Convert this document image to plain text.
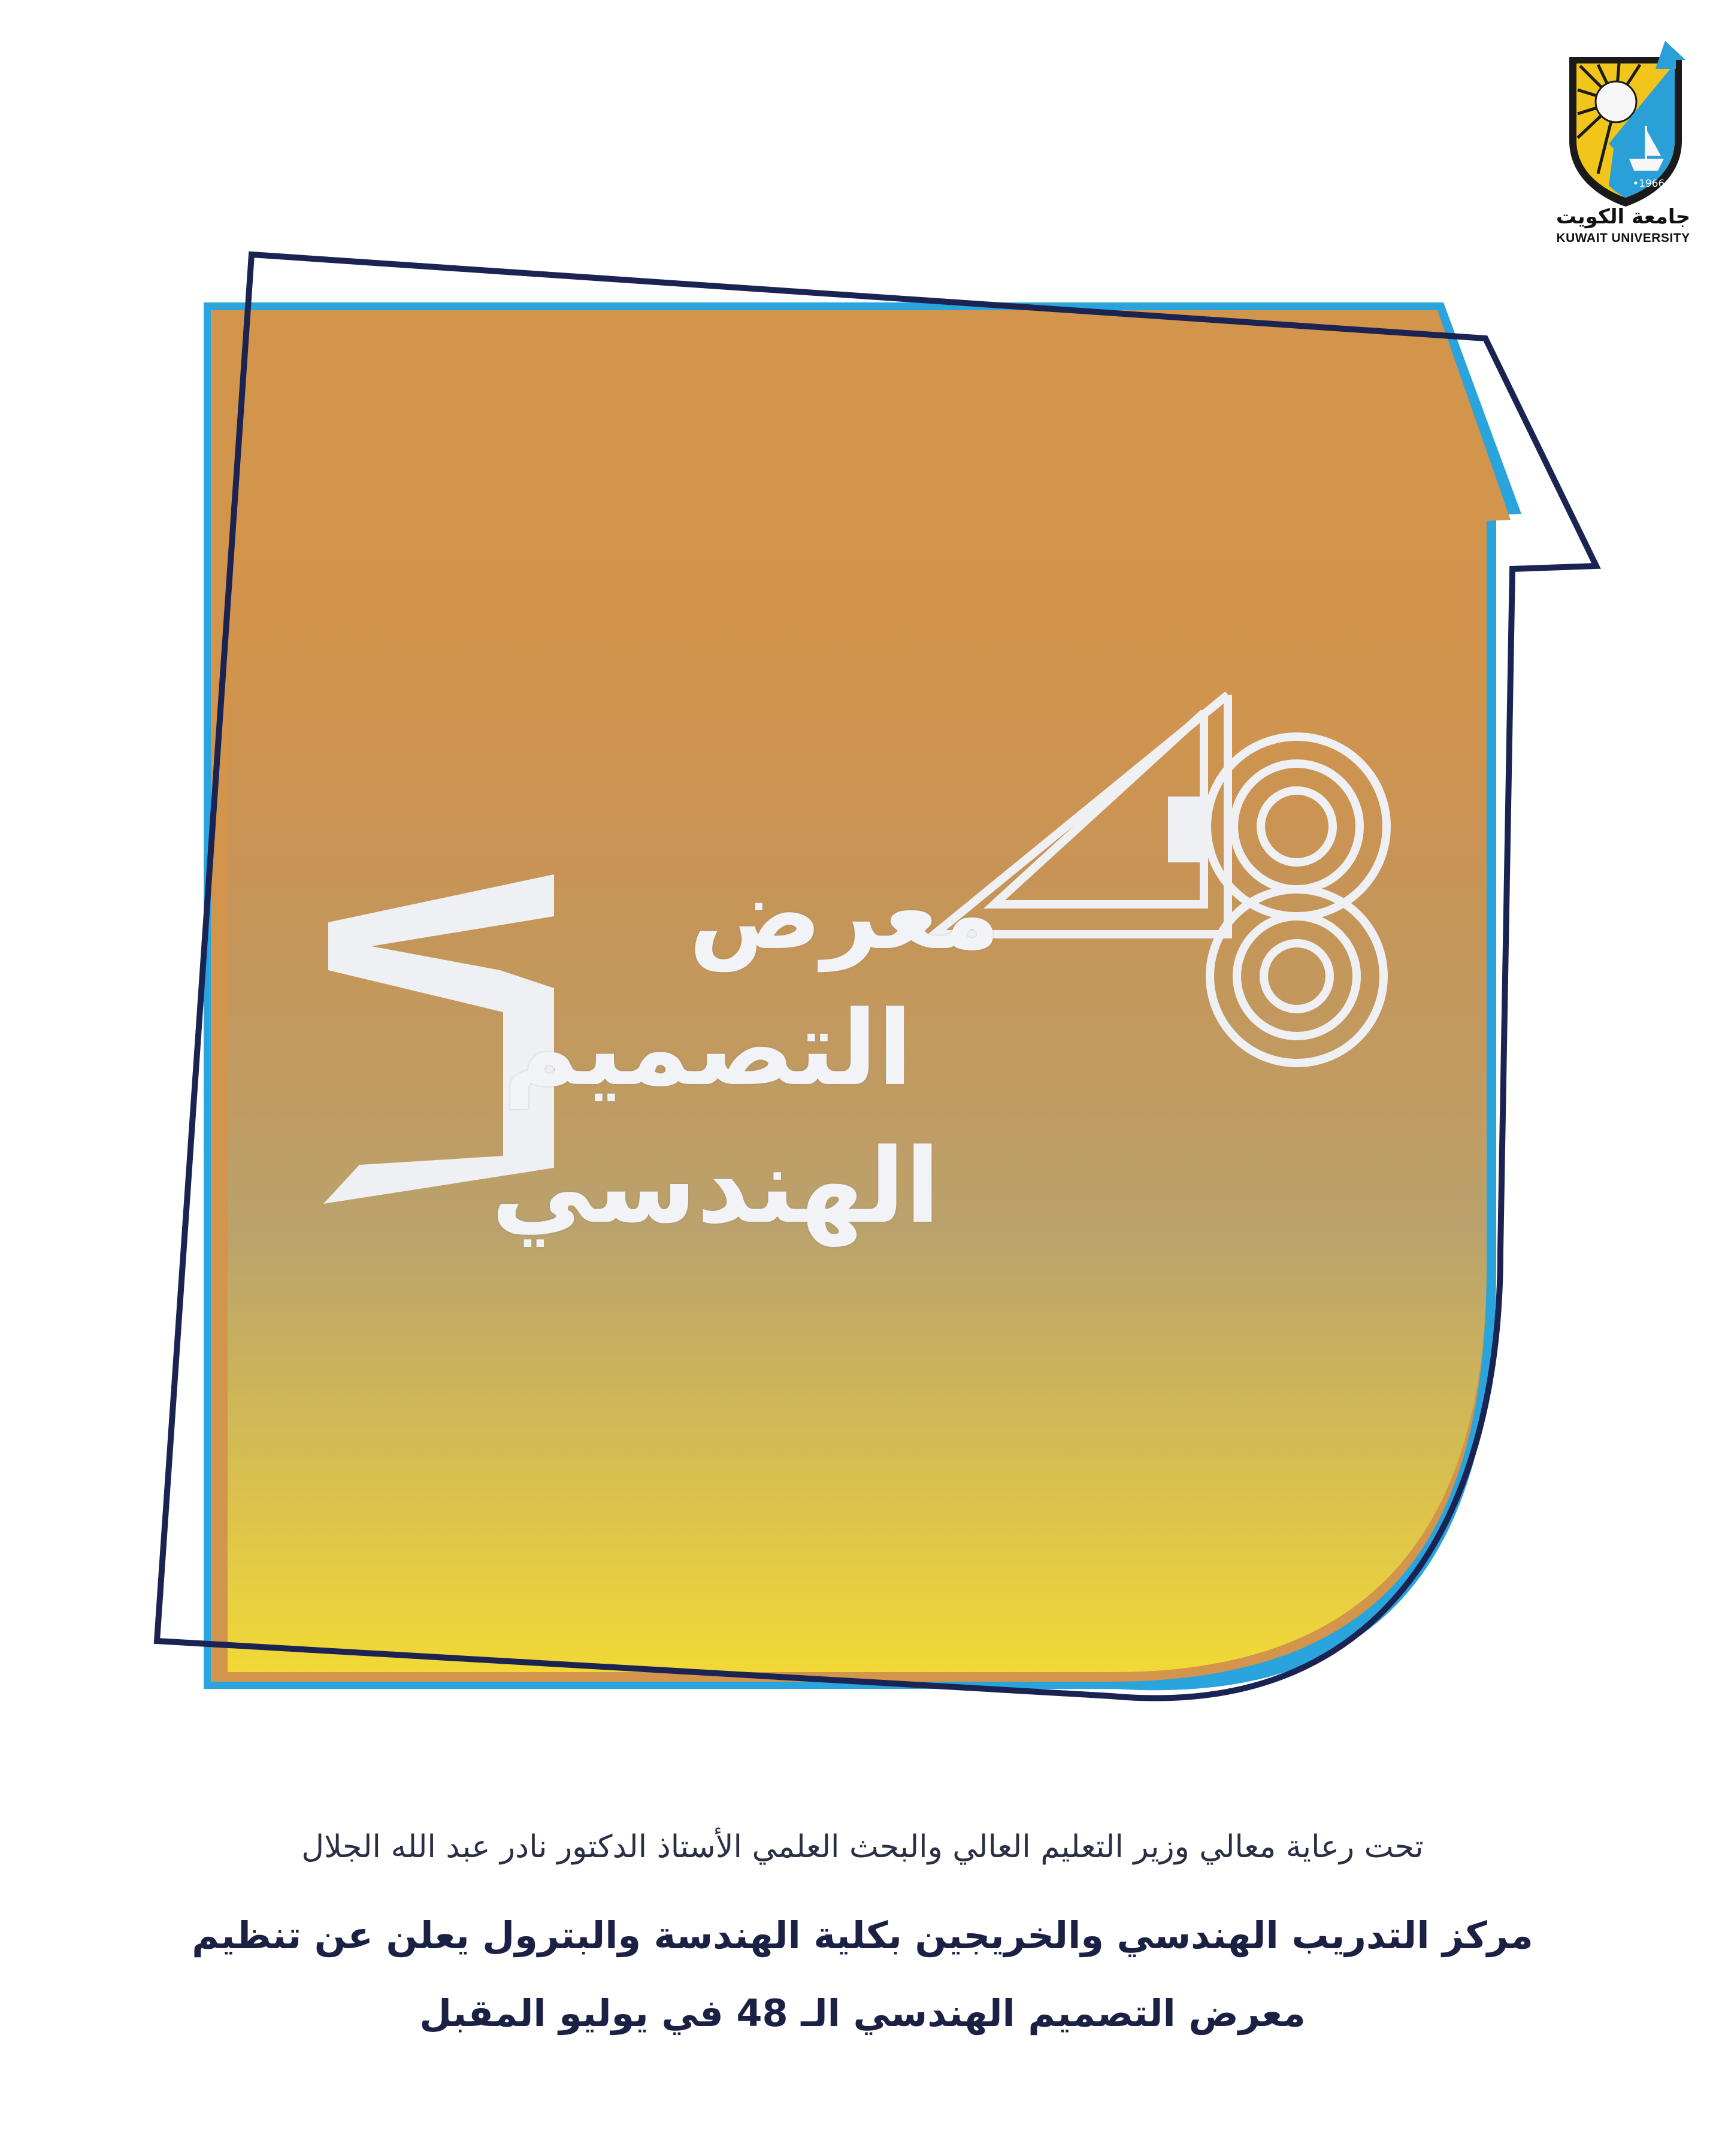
•1966•
جامعة الكويت
KUWAIT UNIVERSITY
معرض
التصميم
الهندسي
تحت رعاية معالي وزير التعليم العالي والبحث العلمي الأستاذ الدكتور نادر عبد الله الجلال
مركز التدريب الهندسي والخريجين بكلية الهندسة والبترول يعلن عن تنظيم
معرض التصميم الهندسي الـ 48 في يوليو المقبل
